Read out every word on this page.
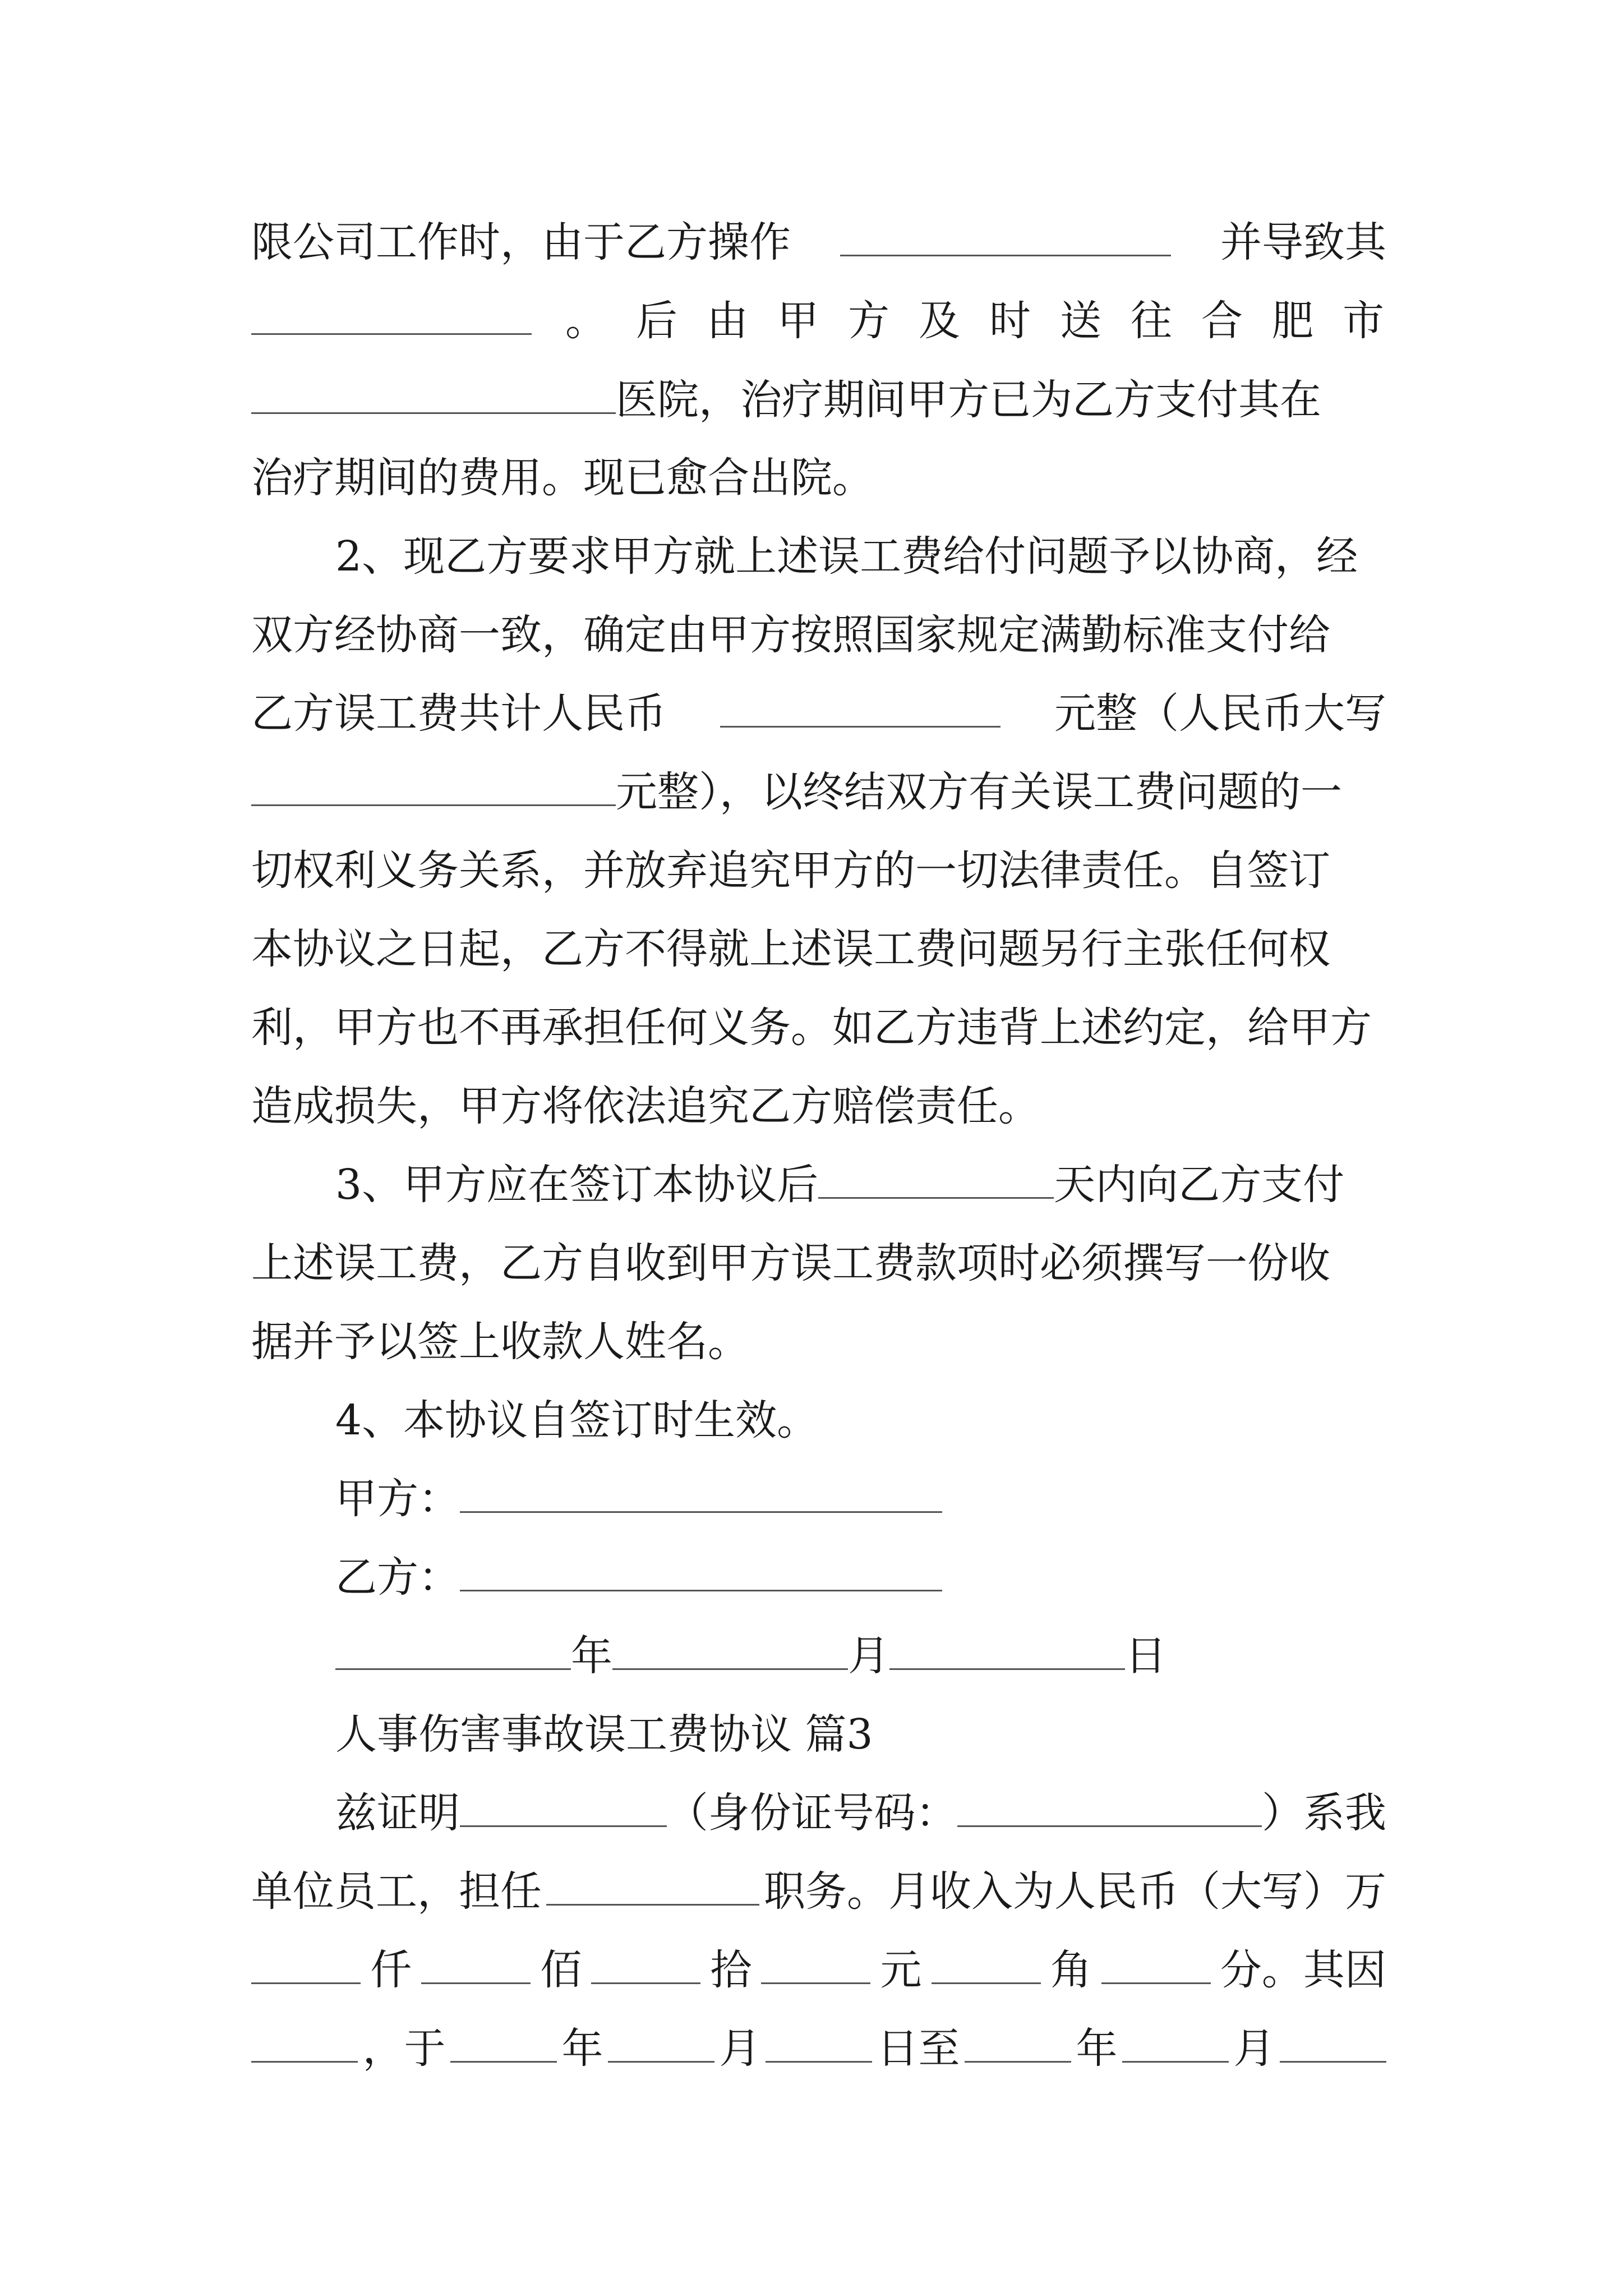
限公司工作时，由于乙方操作	并导致其
。后由甲方及时送往合肥市
医院，治疗期间甲方已为乙方支付其在
治疗期间的费用。现已愈合出院。
2、现乙方要求甲方就上述误工费给付问题予以协商，经
双方经协商一致，确定由甲方按照国家规定满勤标准支付给
乙方误工费共计人民币	元整（人民币大写
元整），以终结双方有关误工费问题的一
切权利义务关系，并放弃追究甲方的一切法律责任。自签订
本协议之日起，乙方不得就上述误工费问题另行主张任何权
利，甲方也不再承担任何义务。如乙方违背上述约定，给甲方
造成损失，甲方将依法追究乙方赔偿责任。
3、甲方应在签订本协议后	天内向乙方支付
上述误工费，乙方自收到甲方误工费款项时必须撰写一份收
据并予以签上收款人姓名。
4、本协议自签订时生效。
甲方：
乙方：
年	月	日
人事伤害事故误工费协议 篇3
兹证明	（身份证号码：	）系我
单位员工，担任	职务。月收入为人民币（大写）万
仟	佰	拾	元	角	分。其因
，于	年	月	日至	年	月
